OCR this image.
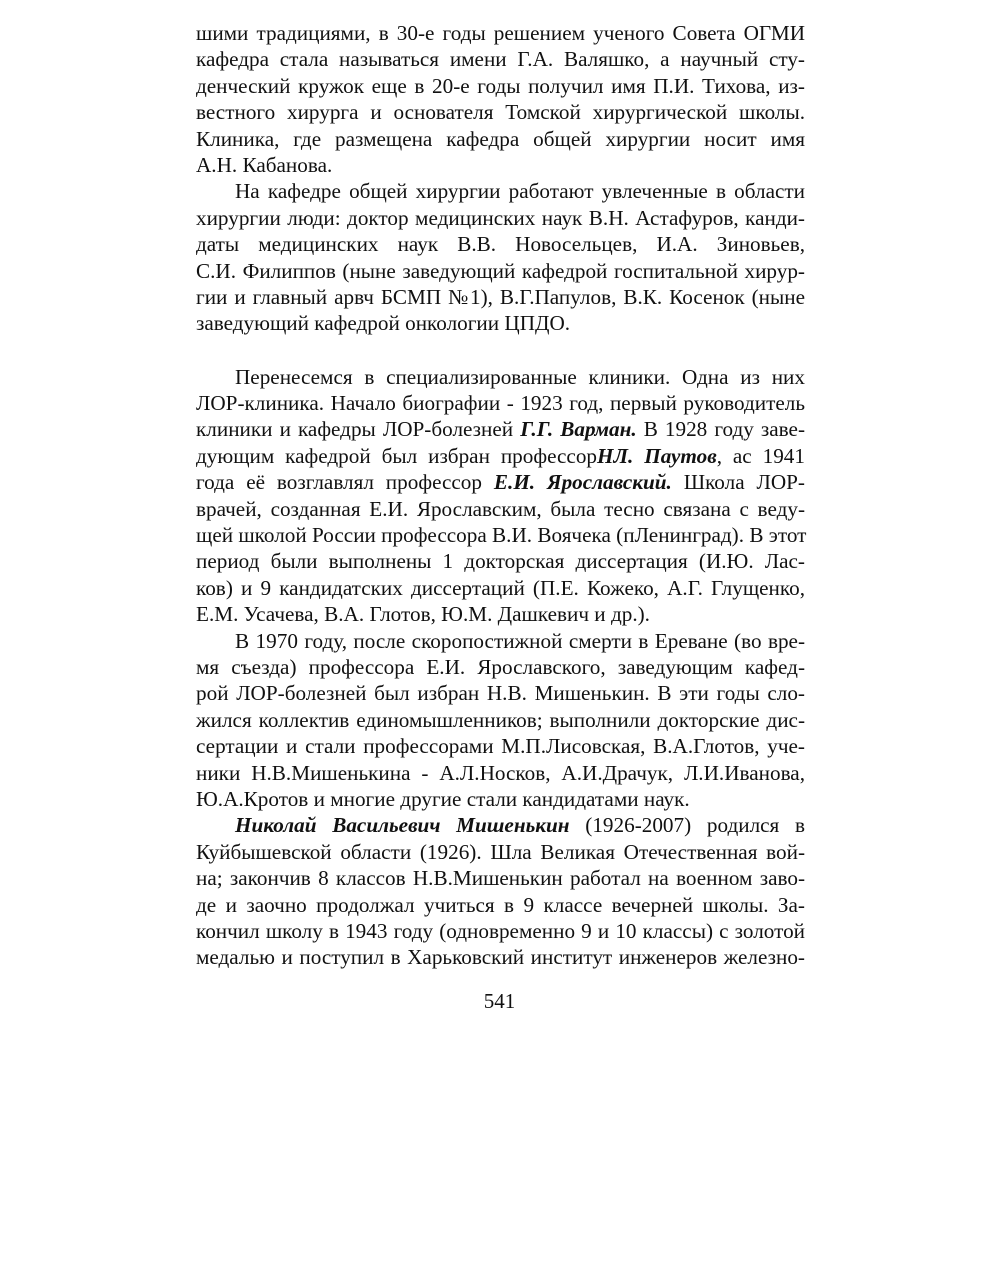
шими традициями, в 30-е годы решением ученого Совета ОГМИ
кафедра стала называться имени Г.А. Валяшко, а научный сту-
денческий кружок еще в 20-е годы получил имя П.И. Тихова, из-
вестного хирурга и основателя Томской хирургической школы.
Клиника, где размещена кафедра общей хирургии носит имя
А.Н. Кабанова.
На кафедре общей хирургии работают увлеченные в области
хирургии люди: доктор медицинских наук В.Н. Астафуров, канди-
даты медицинских наук В.В. Новосельцев, И.А. Зиновьев,
С.И. Филиппов (ныне заведующий кафедрой госпитальной хирур-
гии и главный арвч БСМП №1), В.Г.Папулов, В.К. Косенок (ныне
заведующий кафедрой онкологии ЦПДО.
Перенесемся в специализированные клиники. Одна из них
ЛОР-клиника. Начало биографии - 1923 год, первый руководитель
клиники и кафедры ЛОР-болезней Г.Г. Варман. В 1928 году заве-
дующим кафедрой был избран профессорНЛ. Паутов, ас 1941
года её возглавлял профессор Е.И. Ярославский. Школа ЛОР-
врачей, созданная Е.И. Ярославским, была тесно связана с веду-
щей школой России профессора В.И. Воячека (пЛенинград). В этот
период были выполнены 1 докторская диссертация (И.Ю. Лас-
ков) и 9 кандидатских диссертаций (П.Е. Кожеко, А.Г. Глущенко,
Е.М. Усачева, В.А. Глотов, Ю.М. Дашкевич и др.).
В 1970 году, после скоропостижной смерти в Ереване (во вре-
мя съезда) профессора Е.И. Ярославского, заведующим кафед-
рой ЛОР-болезней был избран Н.В. Мишенькин. В эти годы сло-
жился коллектив единомышленников; выполнили докторские дис-
сертации и стали профессорами М.П.Лисовская, В.А.Глотов, уче-
ники Н.В.Мишенькина - А.Л.Носков, А.И.Драчук, Л.И.Иванова,
Ю.А.Кротов и многие другие стали кандидатами наук.
Николай Васильевич Мишенькин (1926-2007) родился в
Куйбышевской области (1926). Шла Великая Отечественная вой-
на; закончив 8 классов Н.В.Мишенькин работал на военном заво-
де и заочно продолжал учиться в 9 классе вечерней школы. За-
кончил школу в 1943 году (одновременно 9 и 10 классы) с золотой
медалью и поступил в Харьковский институт инженеров железно-
541
